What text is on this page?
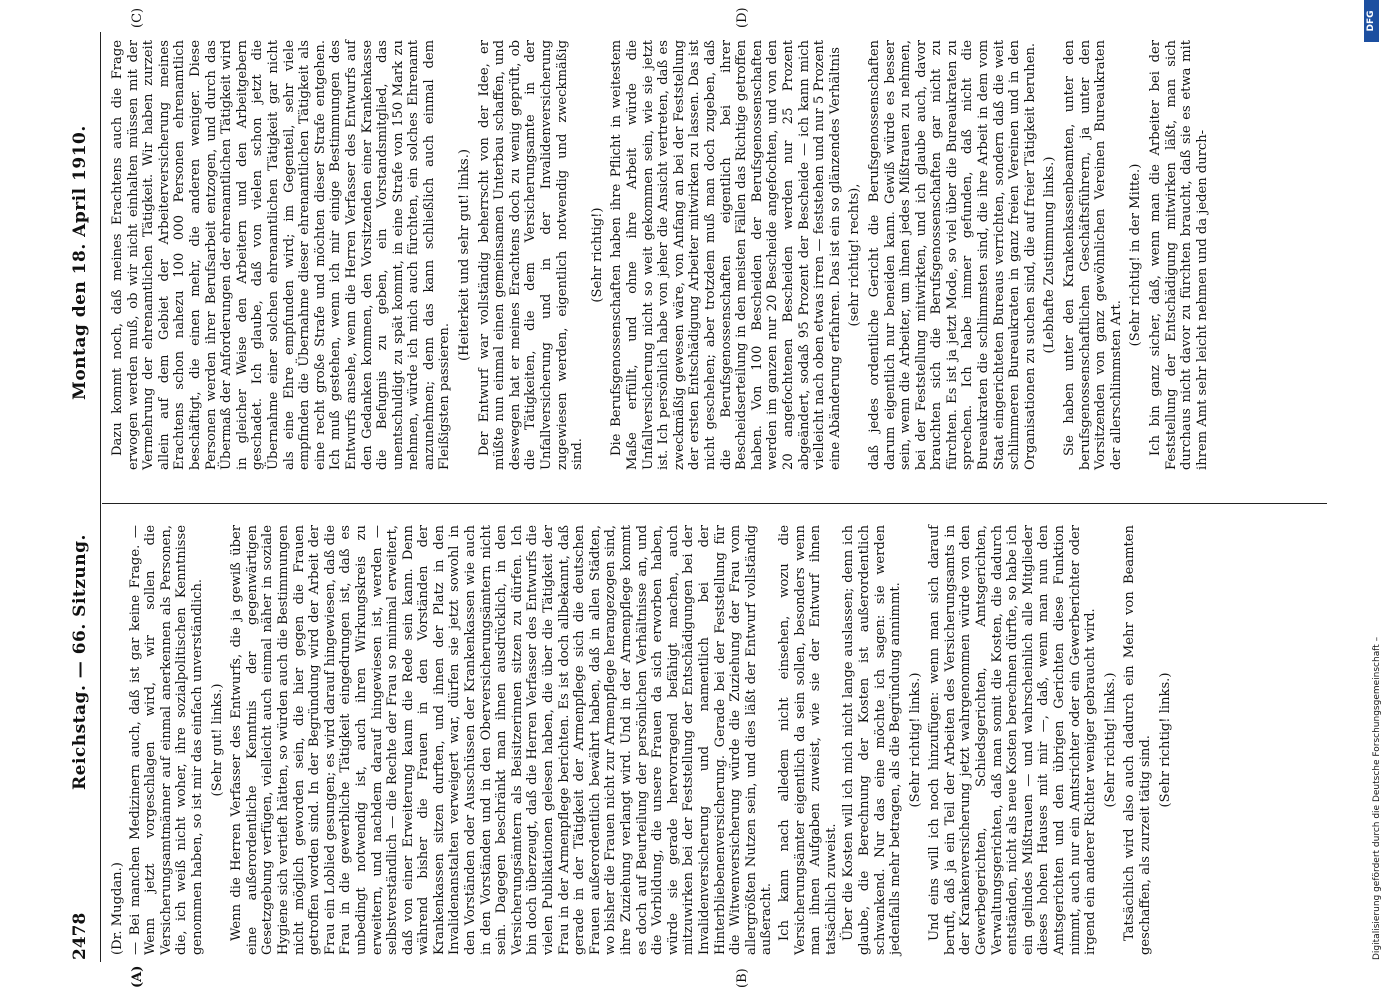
2478
Reichstag. — 66. Sitzung.
Montag den 18. April 1910.
(A)	(B)
(C)	(D)

(Dr. Mugdan.) — Bei manchen Medizinern auch, daß ist gar keine Frage. — Wenn jetzt vorgeschlagen wird, wir sollen die Versicherungsamtmänner auf einmal anerkennen als Personen, die, ich weiß nicht woher, ihre sozialpolitischen Kenntnisse genommen haben, so ist mir das einfach unverständlich. (Sehr gut! links.) Wenn die Herren Verfasser des Entwurfs, die ja gewiß über eine außerordentliche Kenntnis der gegenwärtigen Gesetzgebung verfügen, vielleicht auch einmal näher in soziale Hygiene sich vertieft hätten, so würden auch die Bestimmungen nicht möglich geworden sein, die hier gegen die Frauen getroffen worden sind. In der Begründung wird der Arbeit der Frau ein Loblied gesungen; es wird darauf hingewiesen, daß die Frau in die gewerbliche Tätigkeit eingedrungen ist, daß es unbedingt notwendig ist, auch ihren Wirkungskreis zu erweitern, und nachdem darauf hingewiesen ist, werden — selbstverständlich — die Rechte der Frau so minimal erweitert, daß von einer Erweiterung kaum die Rede sein kann. Denn während bisher die Frauen in den Vorständen der Krankenkassen sitzen durften, und ihnen der Platz in den Invalidenanstalten verweigert war, dürfen sie jetzt sowohl in den Vorständen oder Ausschüssen der Krankenkassen wie auch in den Vorständen und in den Oberversicherungsämtern nicht sein. Dagegen beschränkt man ihnen ausdrücklich, in den Versicherungsämtern als Beisitzerinnen sitzen zu dürfen. Ich bin doch überzeugt, daß die Herren Verfasser des Entwurfs die vielen Publikationen gelesen haben, die über die Tätigkeit der Frau in der Armenpflege berichten. Es ist doch allbekannt, daß gerade in der Tätigkeit der Armenpflege sich die deutschen Frauen außerordentlich bewährt haben, daß in allen Städten, wo bisher die Frauen nicht zur Armenpflege herangezogen sind, ihre Zuziehung verlangt wird. Und in der Armenpflege kommt es doch auf Beurteilung der persönlichen Verhältnisse an, und die Vorbildung, die unsere Frauen da sich erworben haben, würde sie gerade hervorragend befähigt machen, auch mitzuwirken bei der Feststellung der Entschädigungen bei der Invalidenversicherung und namentlich bei der Hinterbliebenenversicherung. Gerade bei der Feststellung für die Witwenversicherung würde die Zuziehung der Frau vom allergrößten Nutzen sein, und dies läßt der Entwurf vollständig außeracht. Ich kann nach alledem nicht einsehen, wozu die Versicherungsämter eigentlich da sein sollen, besonders wenn man ihnen Aufgaben zuweist, wie sie der Entwurf ihnen tatsächlich zuweist. Über die Kosten will ich mich nicht lange auslassen; denn ich glaube, die Berechnung der Kosten ist außerordentlich schwankend. Nur das eine möchte ich sagen: sie werden jedenfalls mehr betragen, als die Begründung annimmt. (Sehr richtig! links.) Und eins will ich noch hinzufügen: wenn man sich darauf beruft, daß ja ein Teil der Arbeiten des Versicherungsamts in der Krankenversicherung jetzt wahrgenommen würde von den Gewerbegerichten, Schiedsgerichten, Amtsgerichten, Verwaltungsgerichten, daß man somit die Kosten, die dadurch entständen, nicht als neue Kosten berechnen dürfte, so habe ich ein gelindes Mißtrauen — und wahrscheinlich alle Mitglieder dieses hohen Hauses mit mir —, daß, wenn man nun den Amtsgerichten und den übrigen Gerichten diese Funktion nimmt, auch nur ein Amtsrichter oder ein Gewerberichter oder irgend ein anderer Richter weniger gebraucht wird. (Sehr richtig! links.) Tatsächlich wird also auch dadurch ein Mehr von Beamten geschaffen, als zurzeit tätig sind. (Sehr richtig! links.)

Dazu kommt noch, daß meines Erachtens auch die Frage erwogen werden muß, ob wir nicht einhalten müssen mit der Vermehrung der ehrenamtlichen Tätigkeit. Wir haben zurzeit allein auf dem Gebiet der Arbeiterversicherung meines Erachtens schon nahezu 100 000 Personen ehrenamtlich beschäftigt, die einen mehr, die anderen weniger. Diese Personen werden ihrer Berufsarbeit entzogen, und durch das Übermaß der Anforderungen der ehrenamtlichen Tätigkeit wird in gleicher Weise den Arbeitern und den Arbeitgebern geschadet. Ich glaube, daß von vielen schon jetzt die Übernahme einer solchen ehrenamtlichen Tätigkeit gar nicht als eine Ehre empfunden wird; im Gegenteil, sehr viele empfinden die Übernahme dieser ehrenamtlichen Tätigkeit als eine recht große Strafe und möchten dieser Strafe entgehen. Ich muß gestehen, wenn ich mir einige Bestimmungen des Entwurfs ansehe, wenn die Herren Verfasser des Entwurfs auf den Gedanken kommen, den Vorsitzenden einer Krankenkasse die Befugnis zu geben, ein Vorstandsmitglied, das unentschuldigt zu spät kommt, in eine Strafe von 150 Mark zu nehmen, würde ich mich auch fürchten, ein solches Ehrenamt anzunehmen; denn das kann schließlich auch einmal dem Fleißigsten passieren.

(Heiterkeit und sehr gut! links.) Der Entwurf war vollständig beherrscht von der Idee, er müßte nun einmal einen gemeinsamen Unterbau schaffen, und deswegen hat er meines Erachtens doch zu wenig geprüft, ob die Tätigkeiten, die dem Versicherungsamte in der Unfallversicherung und in der Invalidenversicherung zugewiesen werden, eigentlich notwendig und zweckmäßig sind.

(Sehr richtig!) Die Berufsgenossenschaften haben ihre Pflicht in weitestem Maße erfüllt, und ohne ihre Arbeit würde die Unfallversicherung nicht so weit gekommen sein, wie sie jetzt ist. Ich persönlich habe von jeher die Ansicht vertreten, daß es zweckmäßig gewesen wäre, von Anfang an bei der Feststellung der ersten Entschädigung Arbeiter mitwirken zu lassen. Das ist nicht geschehen; aber trotzdem muß man doch zugeben, daß die Berufsgenossenschaften eigentlich bei ihrer Bescheidserteilung in den meisten Fällen das Richtige getroffen haben. Von 100 Bescheiden der Berufsgenossenschaften werden im ganzen nur 20 Bescheide angefochten, und von den 20 angefochtenen Bescheiden werden nur 25 Prozent abgeändert, sodaß 95 Prozent der Bescheide — ich kann mich vielleicht nach oben etwas irren — feststehen und nur 5 Prozent eine Abänderung erfahren. Das ist ein so glänzendes Verhältnis (sehr richtig! rechts), daß jedes ordentliche Gericht die Berufsgenossenschaften darum eigentlich nur beneiden kann. Gewiß würde es besser sein, wenn die Arbeiter, um ihnen jedes Mißtrauen zu nehmen, bei der Feststellung mitwirkten, und ich glaube auch, davor brauchten sich die Berufsgenossenschaften gar nicht zu fürchten. Es ist ja jetzt Mode, so viel über die Bureaukraten zu sprechen. Ich habe immer gefunden, daß nicht die Bureaukraten die schlimmsten sind, die ihre Arbeit in dem vom Staat eingerichteten Bureaus verrichten, sondern daß die weit schlimmeren Bureaukraten in ganz freien Vereinen und in den Organisationen zu suchen sind, die auf freier Tätigkeit beruhen. (Lebhafte Zustimmung links.) Sie haben unter den Krankenkassenbeamten, unter den berufsgenossenschaftlichen Geschäftsführern, ja unter den Vorsitzenden von ganz gewöhnlichen Vereinen Bureaukraten der allerschlimmsten Art.

(Sehr richtig! in der Mitte.) Ich bin ganz sicher, daß, wenn man die Arbeiter bei der Feststellung der Entschädigung mitwirken läßt, man sich durchaus nicht davor zu fürchten braucht, daß sie es etwa mit ihrem Amt sehr leicht nehmen und da jeden durch-

Digitalisierung gefördert durch die Deutsche Forschungsgemeinschaft –
DFG
